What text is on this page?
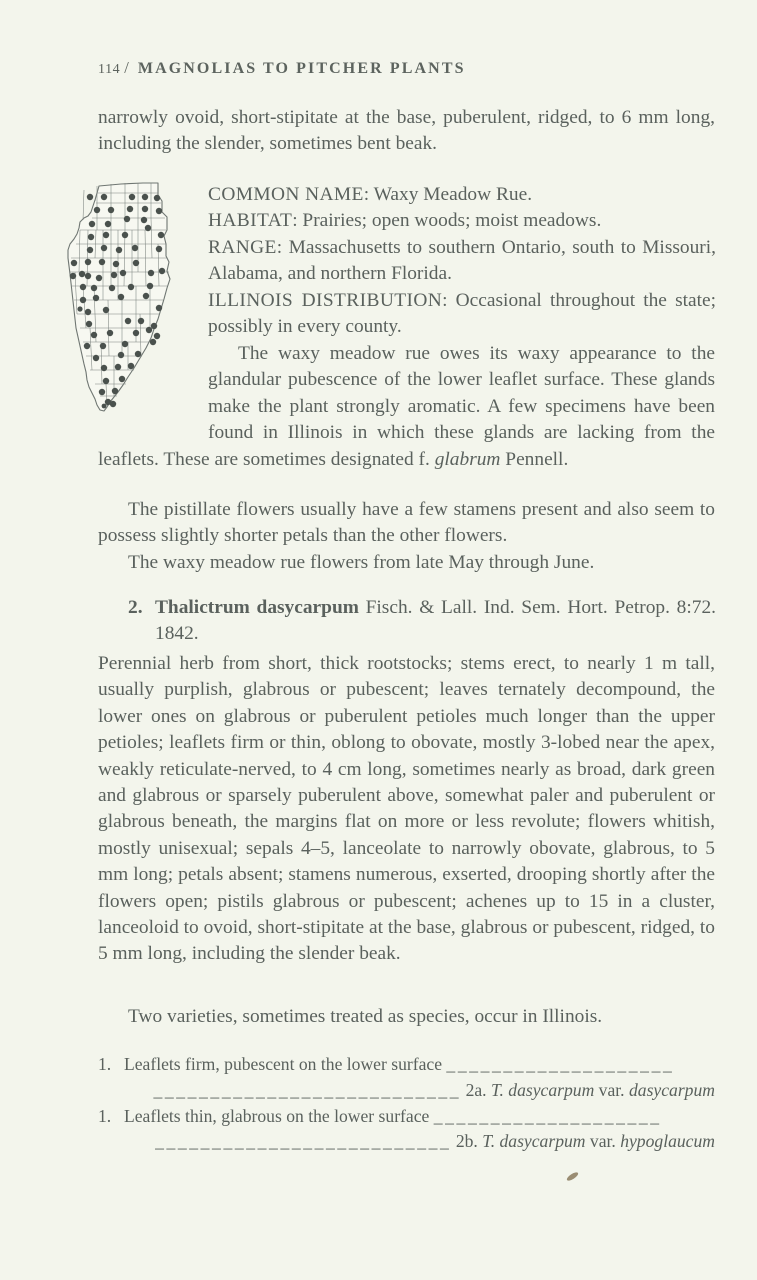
114 / MAGNOLIAS TO PITCHER PLANTS

narrowly ovoid, short-stipitate at the base, puberulent, ridged, to 6 mm long, including the slender, sometimes bent beak.

COMMON NAME: Waxy Meadow Rue.

HABITAT: Prairies; open woods; moist meadows.

RANGE: Massachusetts to southern Ontario, south to Missouri, Alabama, and northern Florida.

ILLINOIS DISTRIBUTION: Occasional throughout the state; possibly in every county.

The waxy meadow rue owes its waxy appearance to the glandular pubescence of the lower leaflet surface. These glands make the plant strongly aromatic. A few specimens have been found in Illinois in which these glands are lacking from the leaflets. These are sometimes designated f. glabrum Pennell.

The pistillate flowers usually have a few stamens present and also seem to possess slightly shorter petals than the other flowers.

The waxy meadow rue flowers from late May through June.

2. Thalictrum dasycarpum Fisch. & Lall. Ind. Sem. Hort. Petrop. 8:72. 1842.

Perennial herb from short, thick rootstocks; stems erect, to nearly 1 m tall, usually purplish, glabrous or pubescent; leaves ternately decompound, the lower ones on glabrous or puberulent petioles much longer than the upper petioles; leaflets firm or thin, oblong to obovate, mostly 3-lobed near the apex, weakly reticulate-nerved, to 4 cm long, sometimes nearly as broad, dark green and glabrous or sparsely puberulent above, somewhat paler and puberulent or glabrous beneath, the margins flat on more or less revolute; flowers whitish, mostly unisexual; sepals 4–5, lanceolate to narrowly obovate, glabrous, to 5 mm long; petals absent; stamens numerous, exserted, drooping shortly after the flowers open; pistils glabrous or pubescent; achenes up to 15 in a cluster, lanceoloid to ovoid, short-stipitate at the base, glabrous or pubescent, ridged, to 5 mm long, including the slender beak.

Two varieties, sometimes treated as species, occur in Illinois.

1. Leaflets firm, pubescent on the lower surface ____________________
___________________________ 2a. T. dasycarpum var. dasycarpum
1. Leaflets thin, glabrous on the lower surface ____________________
__________________________ 2b. T. dasycarpum var. hypoglaucum
